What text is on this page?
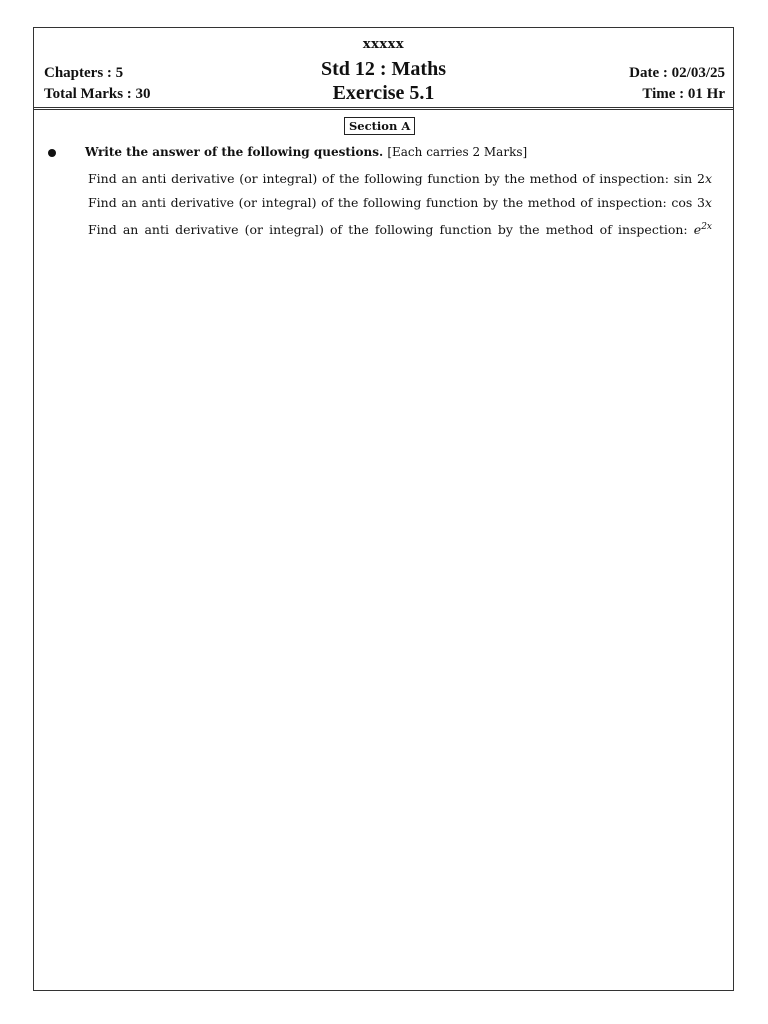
xxxxx
Std 12 : Maths
Exercise 5.1
Chapters : 5
Total Marks : 30
Date : 02/03/25
Time : 01 Hr
Section A
Write the answer of the following questions. [Each carries 2 Marks]
Find an anti derivative (or integral) of the following function by the method of inspection: sin 2x
Find an anti derivative (or integral) of the following function by the method of inspection: cos 3x
Find an anti derivative (or integral) of the following function by the method of inspection: $e^{2x}$
